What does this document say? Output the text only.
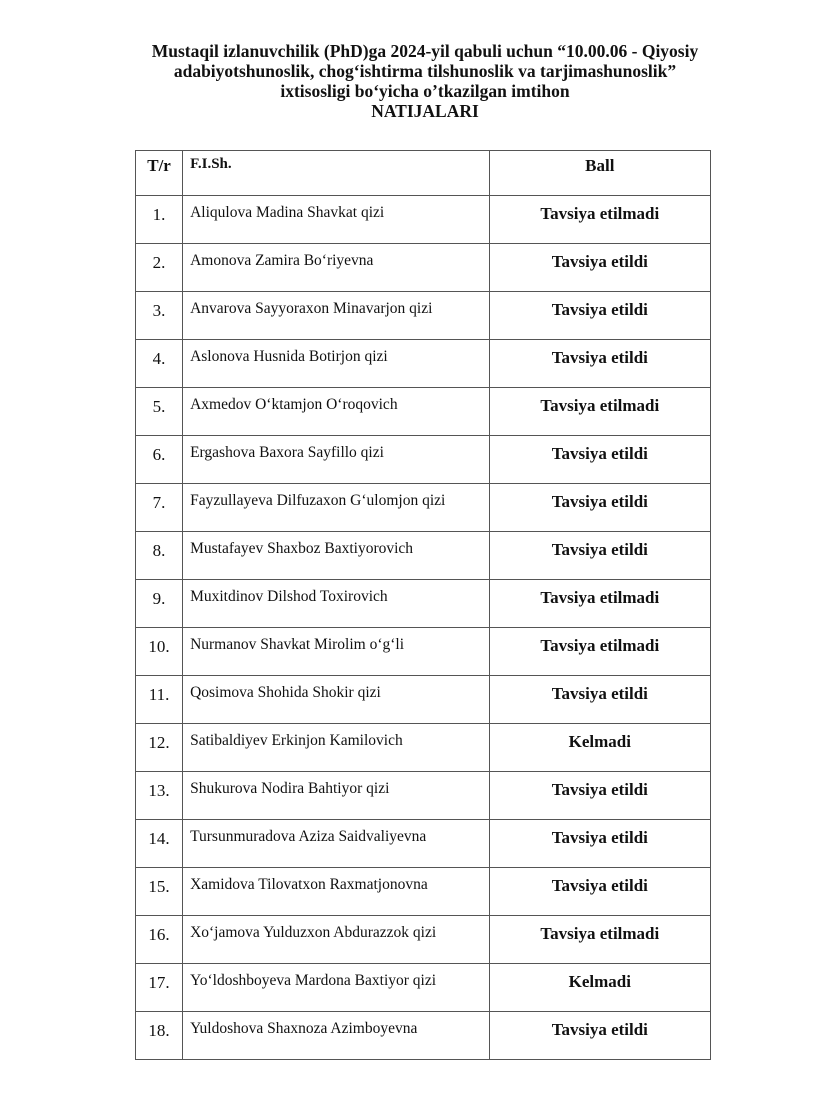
Mustaqil izlanuvchilik (PhD)ga 2024-yil qabuli uchun “10.00.06 - Qiyosiy
adabiyotshunoslik, chog‘ishtirma tilshunoslik va tarjimashunoslik”
ixtisosligi bo‘yicha o’tkazilgan imtihon
NATIJALARI
T/r	F.I.Sh.	Ball
1.	Aliqulova Madina Shavkat qizi	Tavsiya etilmadi
2.	Amonova Zamira Bo‘riyevna	Tavsiya etildi
3.	Anvarova Sayyoraxon Minavarjon qizi	Tavsiya etildi
4.	Aslonova Husnida Botirjon qizi	Tavsiya etildi
5.	Axmedov O‘ktamjon O‘roqovich	Tavsiya etilmadi
6.	Ergashova Baxora Sayfillo qizi	Tavsiya etildi
7.	Fayzullayeva Dilfuzaxon G‘ulomjon qizi	Tavsiya etildi
8.	Mustafayev Shaxboz Baxtiyorovich	Tavsiya etildi
9.	Muxitdinov Dilshod Toxirovich	Tavsiya etilmadi
10.	Nurmanov Shavkat Mirolim o‘g‘li	Tavsiya etilmadi
11.	Qosimova Shohida Shokir qizi	Tavsiya etildi
12.	Satibaldiyev Erkinjon Kamilovich	Kelmadi
13.	Shukurova Nodira Bahtiyor qizi	Tavsiya etildi
14.	Tursunmuradova Aziza Saidvaliyevna	Tavsiya etildi
15.	Xamidova Tilovatxon Raxmatjonovna	Tavsiya etildi
16.	Xo‘jamova Yulduzxon Abdurazzok qizi	Tavsiya etilmadi
17.	Yo‘ldoshboyeva Mardona Baxtiyor qizi	Kelmadi
18.	Yuldoshova Shaxnoza Azimboyevna	Tavsiya etildi
